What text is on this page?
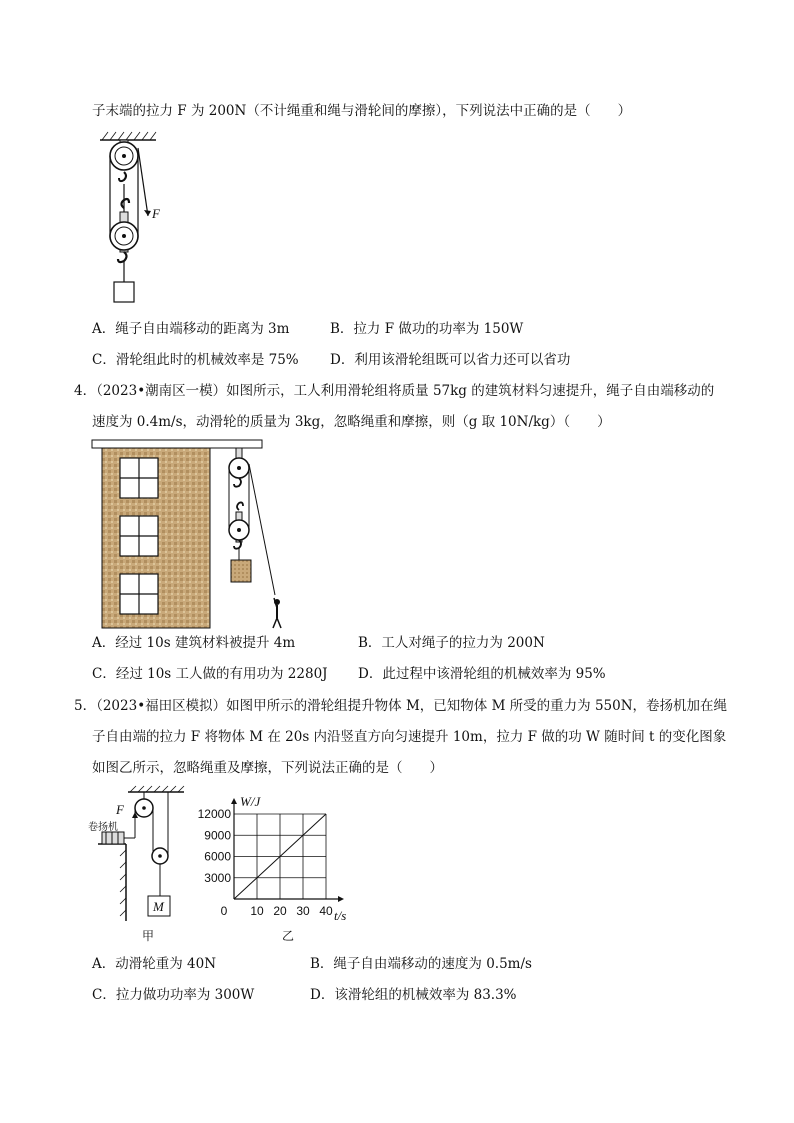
子末端的拉力 F 为 200N（不计绳重和绳与滑轮间的摩擦），下列说法中正确的是（　　）
F
A．绳子自由端移动的距离为 3m	B．拉力 F 做功的功率为 150W
C．滑轮组此时的机械效率是 75% D．利用该滑轮组既可以省力还可以省功
4．（2023•潮南区一模）如图所示，工人利用滑轮组将质量 57kg 的建筑材料匀速提升，绳子自由端移动的
速度为 0.4m/s，动滑轮的质量为 3kg，忽略绳重和摩擦，则（g 取 10N/kg）（　　）
A．经过 10s 建筑材料被提升 4m	B．工人对绳子的拉力为 200N
C．经过 10s 工人做的有用功为 2280J D．此过程中该滑轮组的机械效率为 95%
5．（2023•福田区模拟）如图甲所示的滑轮组提升物体 M，已知物体 M 所受的重力为 550N，卷扬机加在绳
子自由端的拉力 F 将物体 M 在 20s 内沿竖直方向匀速提升 10m，拉力 F 做的功 W 随时间 t 的变化图象
如图乙所示，忽略绳重及摩擦，下列说法正确的是（　　）
卷扬机
F
M
甲
W/J
t/s
0 10 20 30 40
3000
6000
9000
12000
乙
A．动滑轮重为 40N	B．绳子自由端移动的速度为 0.5m/s
C．拉力做功功率为 300W	D．该滑轮组的机械效率为 83.3%
